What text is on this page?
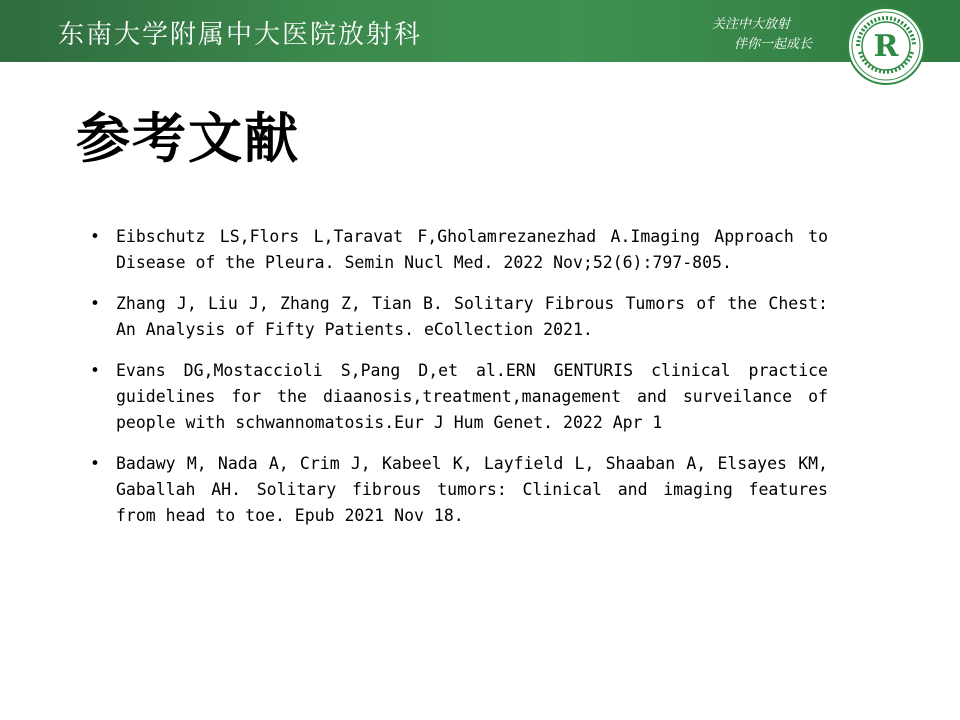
东南大学附属中大医院放射科	关注中大放射
伴你一起成长	R
参考文献
• Eibschutz LS,Flors L,Taravat F,Gholamrezanezhad A.Imaging Approach to Disease of the Pleura. Semin Nucl Med. 2022 Nov;52(6):797-805.
• Zhang J, Liu J, Zhang Z, Tian B. Solitary Fibrous Tumors of the Chest: An Analysis of Fifty Patients. eCollection 2021.
• Evans DG,Mostaccioli S,Pang D,et al.ERN GENTURIS clinical practice guidelines for the diaanosis,treatment,management and surveilance of people with schwannomatosis.Eur J Hum Genet. 2022 Apr 1
• Badawy M, Nada A, Crim J, Kabeel K, Layfield L, Shaaban A, Elsayes KM, Gaballah AH. Solitary fibrous tumors: Clinical and imaging features from head to toe. Epub 2021 Nov 18.
